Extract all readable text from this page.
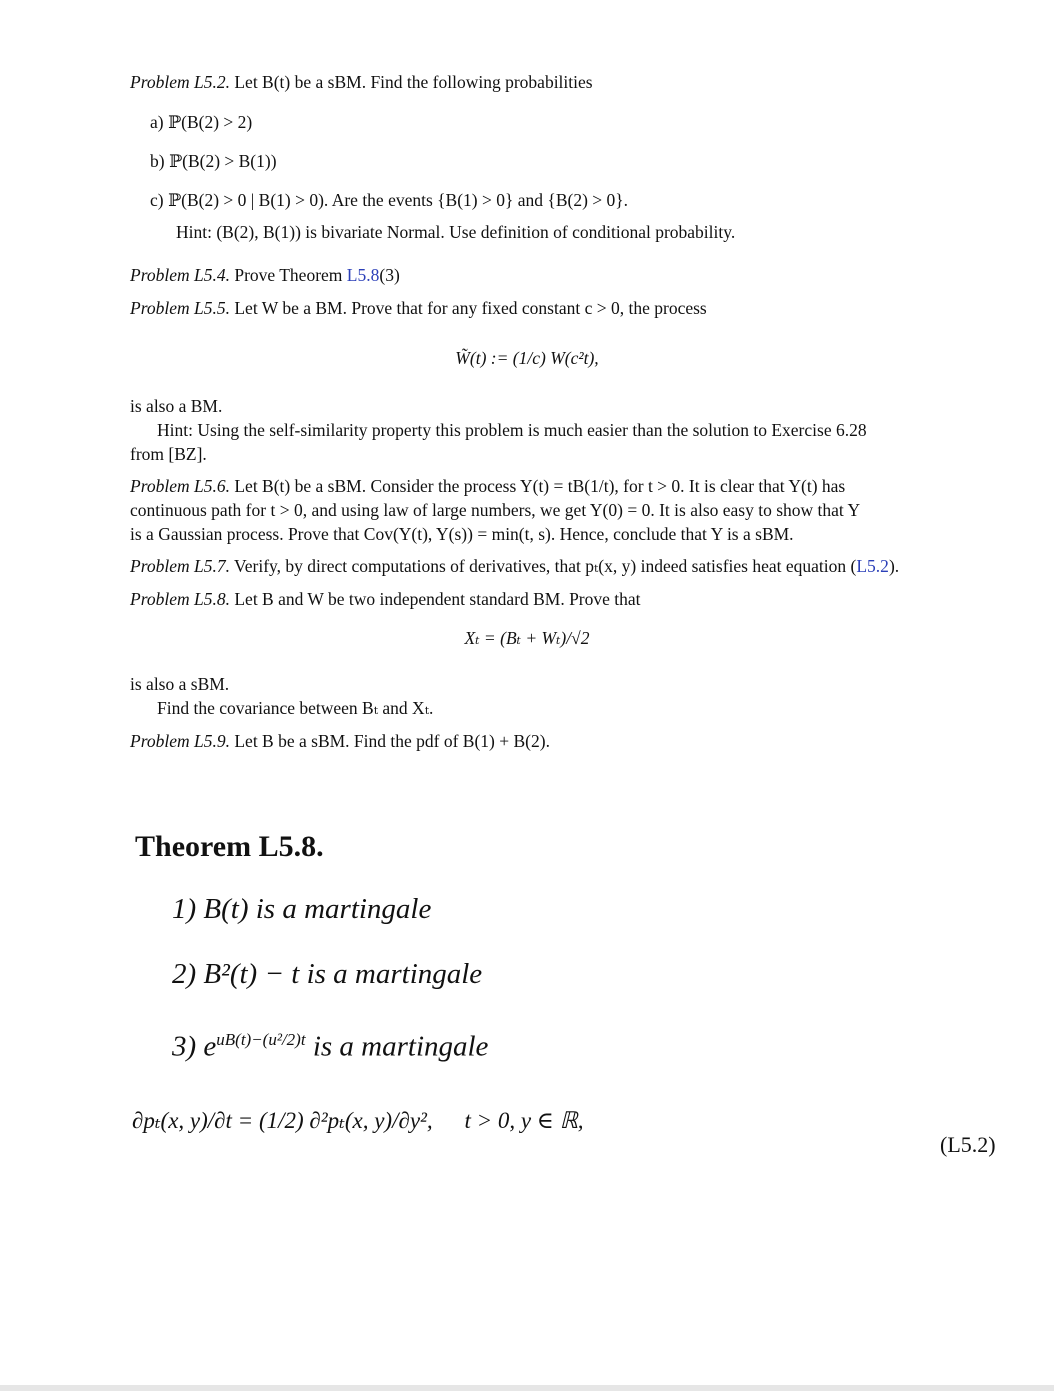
Problem L5.2. Let B(t) be a sBM. Find the following probabilities
a) ℙ(B(2) > 2)
b) ℙ(B(2) > B(1))
c) ℙ(B(2) > 0 | B(1) > 0). Are the events {B(1) > 0} and {B(2) > 0}.
Hint: (B(2), B(1)) is bivariate Normal. Use definition of conditional probability.
Problem L5.4. Prove Theorem L5.8(3)
Problem L5.5. Let W be a BM. Prove that for any fixed constant c > 0, the process
W̃(t) := (1/c) W(c²t),
is also a BM.
Hint: Using the self-similarity property this problem is much easier than the solution to Exercise 6.28
from [BZ].
Problem L5.6. Let B(t) be a sBM. Consider the process Y(t) = tB(1/t), for t > 0. It is clear that Y(t) has
continuous path for t > 0, and using law of large numbers, we get Y(0) = 0. It is also easy to show that Y
is a Gaussian process. Prove that Cov(Y(t), Y(s)) = min(t, s). Hence, conclude that Y is a sBM.
Problem L5.7. Verify, by direct computations of derivatives, that pₜ(x, y) indeed satisfies heat equation (L5.2).
Problem L5.8. Let B and W be two independent standard BM. Prove that
Xₜ = (Bₜ + Wₜ)/√2
is also a sBM.
Find the covariance between Bₜ and Xₜ.
Problem L5.9. Let B be a sBM. Find the pdf of B(1) + B(2).
Theorem L5.8.
1) B(t) is a martingale
2) B²(t) − t is a martingale
3) $e^{uB(t)-(u^2/2)t}$ is a martingale
∂pₜ(x, y)/∂t = (1/2) ∂²pₜ(x, y)/∂y², t > 0, y ∈ ℝ,
(L5.2)
